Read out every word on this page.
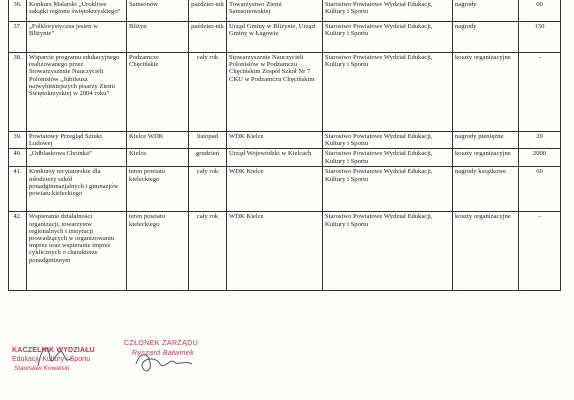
36.	Konkurs Malarski „Urokliwe zakątki regionu świętokrzyskiego”	Samsonów	paździer-nik	Towarzystwo Ziemi Samsonowskiej	Starostwo Powiatowe Wydział Edukacji, Kultury i Sportu	nagrody	60
37.	„Folklorystyczna jesień w Bliżynie”	Bliżyn	paździer-nik	Urząd Gminy w Bliżynie, Urząd Gminy w Łagowie	Starostwo Powiatowe Wydział Edukacji, Kultury i Sportu	nagrody	150
38.	Wsparcie programu edukacyjnego realizowanego przez Stowarzyszenie Nauczycieli Polonistów „Jubileusz najwybitniejszych pisarzy Ziemi Świętokrzyskiej w 2004 roku”	Podzamcze Chęcińskie	cały rok	Stowarzyszenie Nauczycieli Polonistów w Podzamczu Chęcińskim Zespół Szkół Nr 7 CKU w Podzamczu Chęcińskim	Starostwo Powiatowe Wydział Edukacji, Kultury i Sportu	koszty organizacyjne	-
39.	Powiatowy Przegląd Sztuki Ludowej	Kielce WDK	listopad	WDK Kielce	Starostwo Powiatowe Wydział Edukacji, Kultury i Sportu	nagrody pieniężne	20
40.	„Odblaskowa Choinka”	Kielce	grudzień	Urząd Wojewódzki w Kielcach	Starostwo Powiatowe Wydział Edukacji, Kultury i Sportu	koszty organizacyjne	2000
41.	Konkursy recytatorskie dla młodzieży szkół ponadgimnazjalnych i gimnazjów powiatu kieleckiego	teren powiatu kieleckiego	cały rok	WDK Kielce	Starostwo Powiatowe Wydział Edukacji, Kultury i Sportu	nagrody książkowe	60
42.	Wspieranie działalności organizacji, towarzystw regionalnych i instytucji prowadzących w organizowaniu imprez oraz wspieranie imprez cyklicznych o charakterze ponadgminnym	teren powiatu kieleckiego	cały rok	WDK Kielce	Starostwo Powiatowe Wydział Edukacji, Kultury i Sportu	koszty organizacyjne	-
KACZELNIK WYDZIAŁU
Edukacji, Kultury i Sportu
Stanisław Kowalski
CZŁONEK ZARZĄDU
Ryszard Bałwinek
